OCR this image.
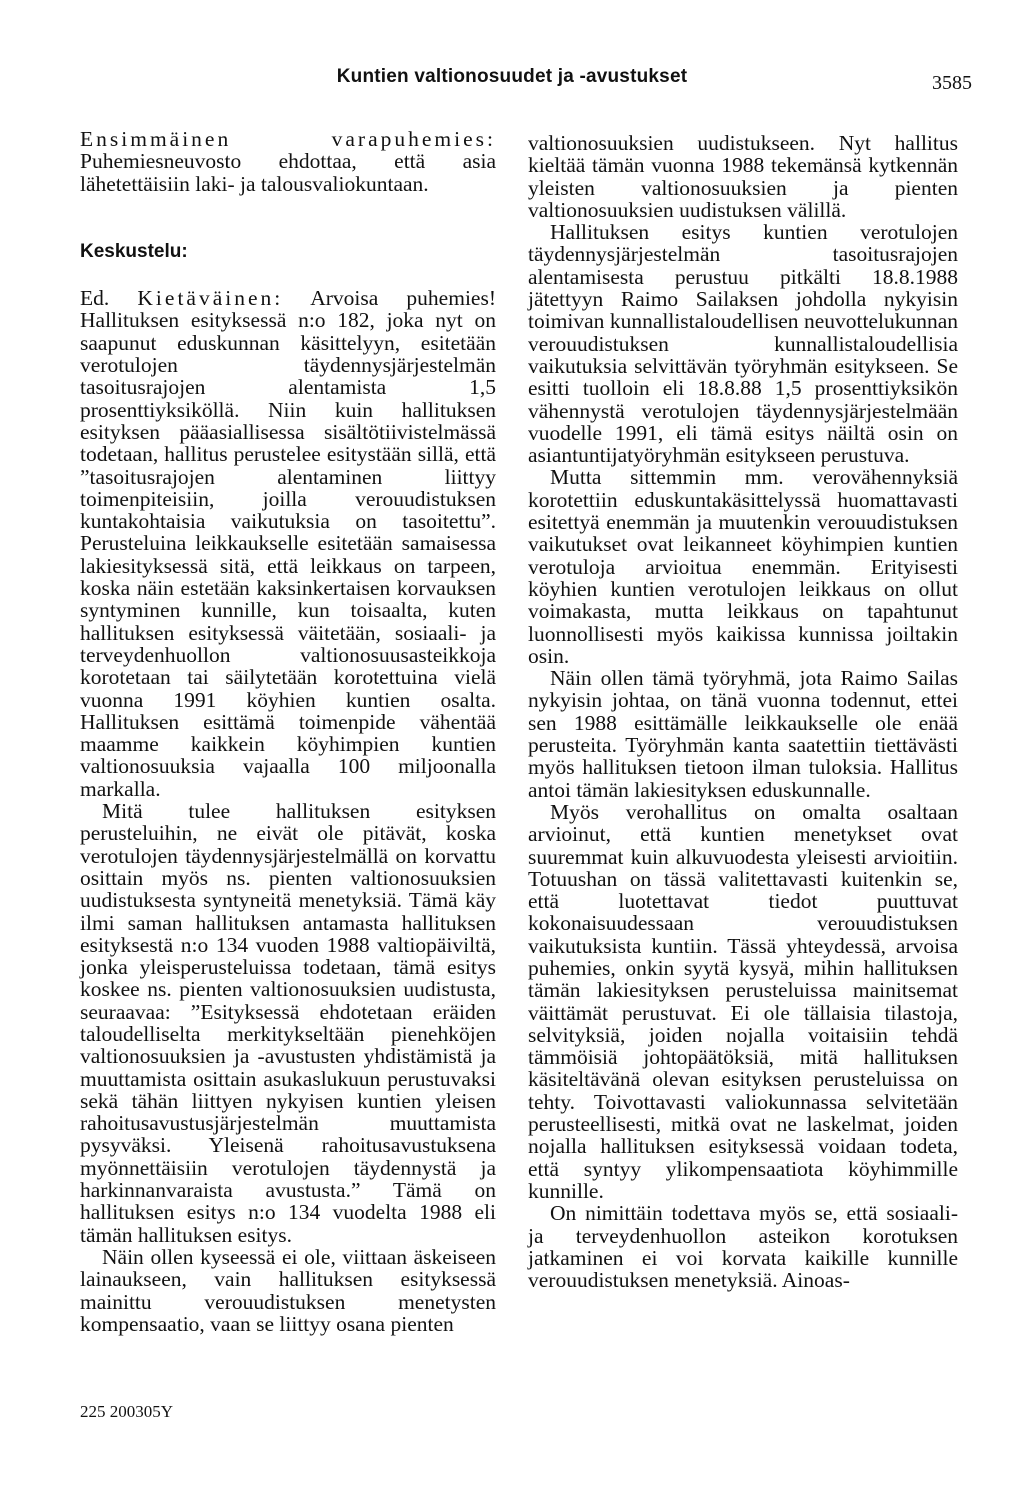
Kuntien valtionosuudet ja -avustukset	3585

Ensimmäinen varapuhemies: Puhemiesneuvosto ehdottaa, että asia lähetettäisiin laki- ja talousvaliokuntaan.

Keskustelu:

Ed. Kietäväinen: Arvoisa puhemies! Hallituksen esityksessä n:o 182, joka nyt on saapunut eduskunnan käsittelyyn, esitetään verotulojen täydennysjärjestelmän tasoitusrajojen alentamista 1,5 prosenttiyksiköllä. Niin kuin hallituksen esityksen pääasiallisessa sisältötiivistelmässä todetaan, hallitus perustelee esitystään sillä, että ”tasoitusrajojen alentaminen liittyy toimenpiteisiin, joilla verouudistuksen kuntakohtaisia vaikutuksia on tasoitettu”. Perusteluina leikkaukselle esitetään samaisessa lakiesityksessä sitä, että leikkaus on tarpeen, koska näin estetään kaksinkertaisen korvauksen syntyminen kunnille, kun toisaalta, kuten hallituksen esityksessä väitetään, sosiaali- ja terveydenhuollon valtionosuusasteikkoja korotetaan tai säilytetään korotettuina vielä vuonna 1991 köyhien kuntien osalta. Hallituksen esittämä toimenpide vähentää maamme kaikkein köyhimpien kuntien valtionosuuksia vajaalla 100 miljoonalla markalla.

Mitä tulee hallituksen esityksen perusteluihin, ne eivät ole pitävät, koska verotulojen täydennysjärjestelmällä on korvattu osittain myös ns. pienten valtionosuuksien uudistuksesta syntyneitä menetyksiä. Tämä käy ilmi saman hallituksen antamasta hallituksen esityksestä n:o 134 vuoden 1988 valtiopäiviltä, jonka yleisperusteluissa todetaan, tämä esitys koskee ns. pienten valtionosuuksien uudistusta, seuraavaa: ”Esityksessä ehdotetaan eräiden taloudelliselta merkitykseltään pienehköjen valtionosuuksien ja -avustusten yhdistämistä ja muuttamista osittain asukaslukuun perustuvaksi sekä tähän liittyen nykyisen kuntien yleisen rahoitusavustusjärjestelmän muuttamista pysyväksi. Yleisenä rahoitusavustuksena myönnettäisiin verotulojen täydennystä ja harkinnanvaraista avustusta.” Tämä on hallituksen esitys n:o 134 vuodelta 1988 eli tämän hallituksen esitys.

Näin ollen kyseessä ei ole, viittaan äskeiseen lainaukseen, vain hallituksen esityksessä mainittu verouudistuksen menetysten kompensaatio, vaan se liittyy osana pienten

valtionosuuksien uudistukseen. Nyt hallitus kieltää tämän vuonna 1988 tekemänsä kytkennän yleisten valtionosuuksien ja pienten valtionosuuksien uudistuksen välillä.

Hallituksen esitys kuntien verotulojen täydennysjärjestelmän tasoitusrajojen alentamisesta perustuu pitkälti 18.8.1988 jätettyyn Raimo Sailaksen johdolla nykyisin toimivan kunnallistaloudellisen neuvottelukunnan verouudistuksen kunnallistaloudellisia vaikutuksia selvittävän työryhmän esitykseen. Se esitti tuolloin eli 18.8.88 1,5 prosenttiyksikön vähennystä verotulojen täydennysjärjestelmään vuodelle 1991, eli tämä esitys näiltä osin on asiantuntijatyöryhmän esitykseen perustuva.

Mutta sittemmin mm. verovähennyksiä korotettiin eduskuntakäsittelyssä huomattavasti esitettyä enemmän ja muutenkin verouudistuksen vaikutukset ovat leikanneet köyhimpien kuntien verotuloja arvioitua enemmän. Erityisesti köyhien kuntien verotulojen leikkaus on ollut voimakasta, mutta leikkaus on tapahtunut luonnollisesti myös kaikissa kunnissa joiltakin osin.

Näin ollen tämä työryhmä, jota Raimo Sailas nykyisin johtaa, on tänä vuonna todennut, ettei sen 1988 esittämälle leikkaukselle ole enää perusteita. Työryhmän kanta saatettiin tiettävästi myös hallituksen tietoon ilman tuloksia. Hallitus antoi tämän lakiesityksen eduskunnalle.

Myös verohallitus on omalta osaltaan arvioinut, että kuntien menetykset ovat suuremmat kuin alkuvuodesta yleisesti arvioitiin. Totuushan on tässä valitettavasti kuitenkin se, että luotettavat tiedot puuttuvat kokonaisuudessaan verouudistuksen vaikutuksista kuntiin. Tässä yhteydessä, arvoisa puhemies, onkin syytä kysyä, mihin hallituksen tämän lakiesityksen perusteluissa mainitsemat väittämät perustuvat. Ei ole tällaisia tilastoja, selvityksiä, joiden nojalla voitaisiin tehdä tämmöisiä johtopäätöksiä, mitä hallituksen käsiteltävänä olevan esityksen perusteluissa on tehty. Toivottavasti valiokunnassa selvitetään perusteellisesti, mitkä ovat ne laskelmat, joiden nojalla hallituksen esityksessä voidaan todeta, että syntyy ylikompensaatiota köyhimmille kunnille.

On nimittäin todettava myös se, että sosiaali- ja terveydenhuollon asteikon korotuksen jatkaminen ei voi korvata kaikille kunnille verouudistuksen menetyksiä. Ainoas-

225 200305Y
